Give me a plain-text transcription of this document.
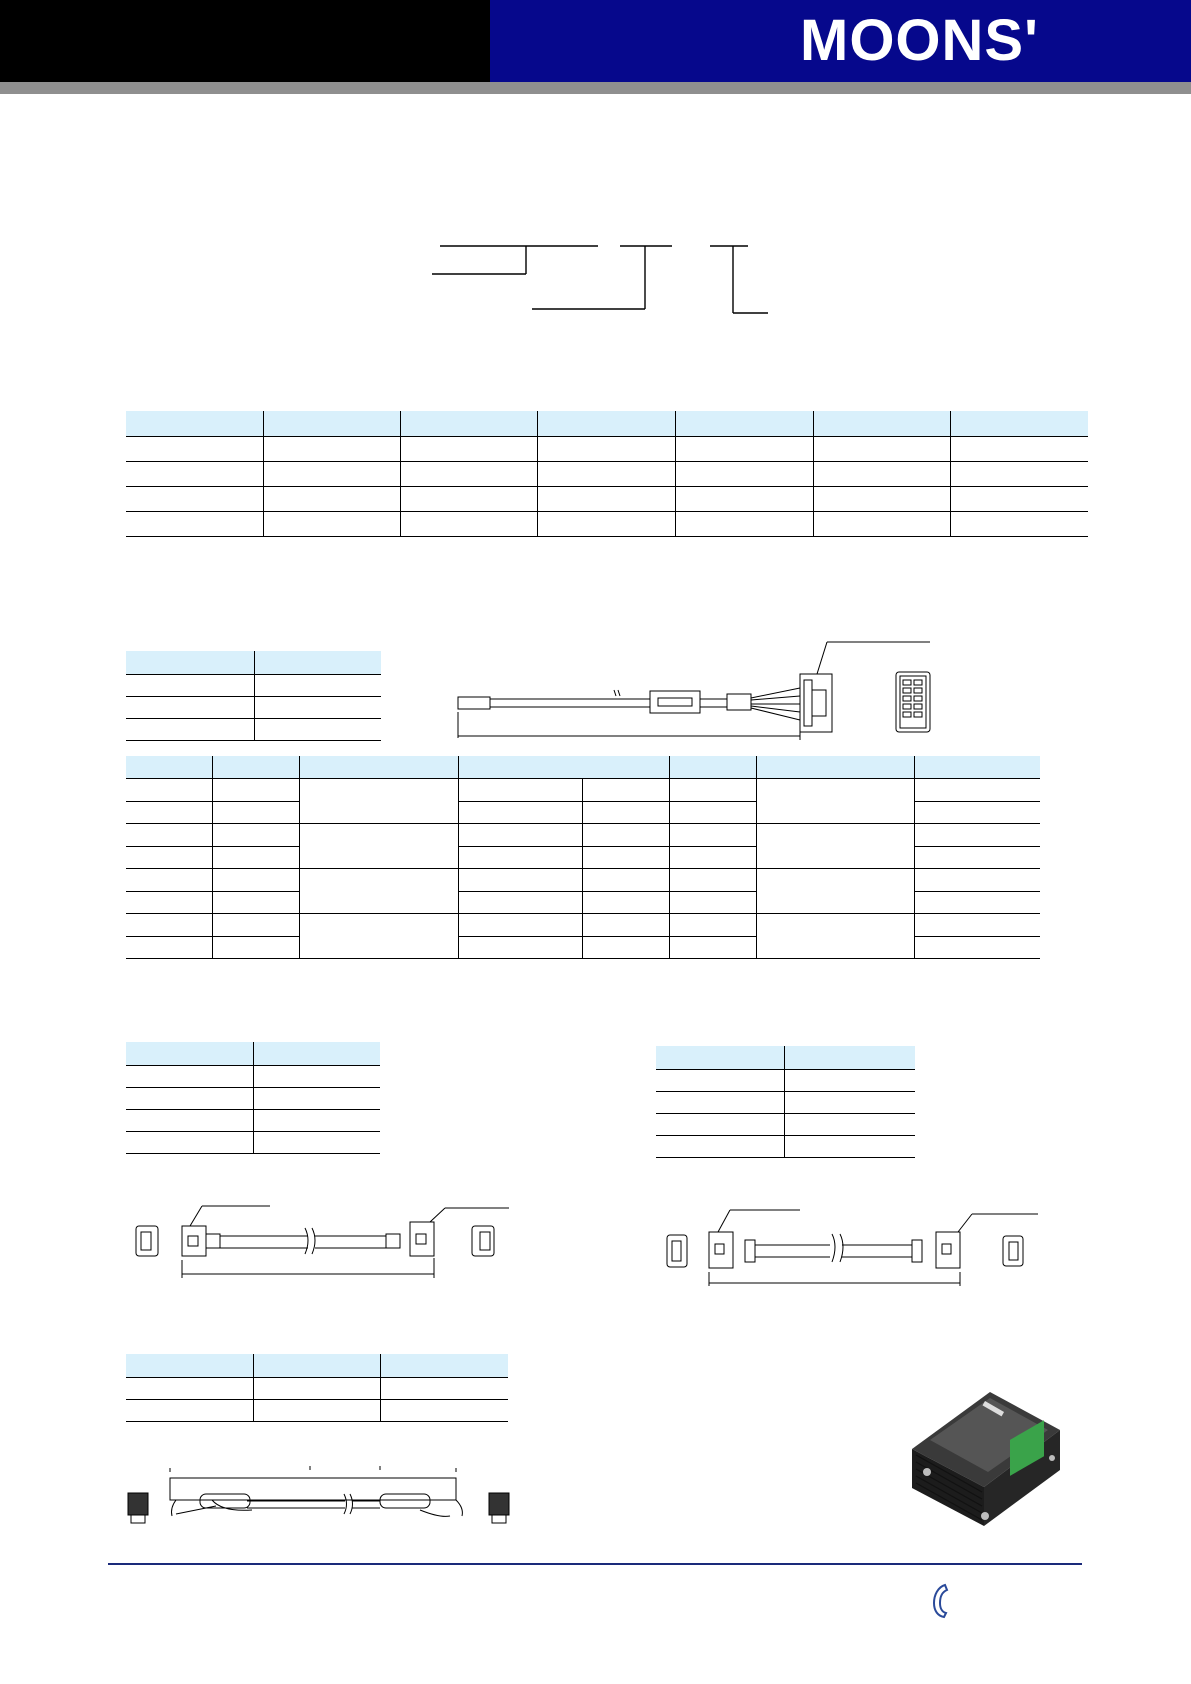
MOONS'
